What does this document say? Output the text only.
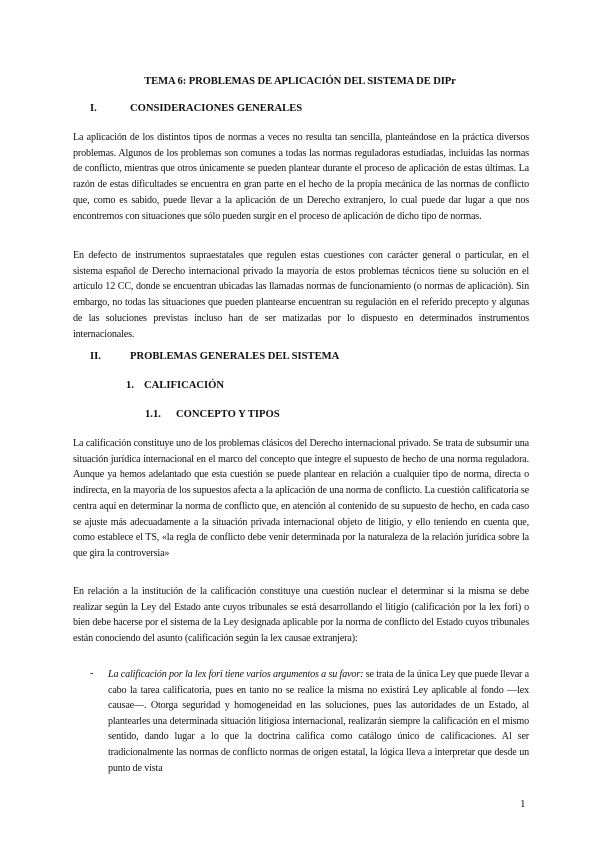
TEMA 6: PROBLEMAS DE APLICACIÓN DEL SISTEMA DE DIPr
I.	CONSIDERACIONES GENERALES
La aplicación de los distintos tipos de normas a veces no resulta tan sencilla, planteándose en la práctica diversos problemas. Algunos de los problemas son comunes a todas las normas reguladoras estudiadas, incluidas las normas de conflicto, mientras que otros únicamente se pueden plantear durante el proceso de aplicación de estas últimas. La razón de estas dificultades se encuentra en gran parte en el hecho de la propia mecánica de las normas de conflicto que, como es sabido, puede llevar a la aplicación de un Derecho extranjero, lo cual puede dar lugar a que nos encontremos con situaciones que sólo pueden surgir en el proceso de aplicación de dicho tipo de normas.
En defecto de instrumentos supraestatales que regulen estas cuestiones con carácter general o particular, en el sistema español de Derecho internacional privado la mayoría de estos problemas técnicos tiene su solución en el artículo 12 CC, donde se encuentran ubicadas las llamadas normas de funcionamiento (o normas de aplicación). Sin embargo, no todas las situaciones que pueden plantearse encuentran su regulación en el referido precepto y algunas de las soluciones previstas incluso han de ser matizadas por lo dispuesto en determinados instrumentos internacionales.
II.	PROBLEMAS GENERALES DEL SISTEMA
1. CALIFICACIÓN
1.1. CONCEPTO Y TIPOS
La calificación constituye uno de los problemas clásicos del Derecho internacional privado. Se trata de subsumir una situación jurídica internacional en el marco del concepto que integre el supuesto de hecho de una norma reguladora. Aunque ya hemos adelantado que esta cuestión se puede plantear en relación a cualquier tipo de norma, directa o indirecta, en la mayoría de los supuestos afecta a la aplicación de una norma de conflicto. La cuestión calificatoria se centra aquí en determinar la norma de conflicto que, en atención al contenido de su supuesto de hecho, en cada caso se ajuste más adecuadamente a la situación privada internacional objeto de litigio, y ello teniendo en cuenta que, como establece el TS, «la regla de conflicto debe venir determinada por la naturaleza de la relación jurídica sobre la que gira la controversia»
En relación a la institución de la calificación constituye una cuestión nuclear el determinar si la misma se debe realizar según la Ley del Estado ante cuyos tribunales se está desarrollando el litigio (calificación por la lex fori) o bien debe hacerse por el sistema de la Ley designada aplicable por la norma de conflicto del Estado cuyos tribunales están conociendo del asunto (calificación según la lex causae extranjera):
- La calificación por la lex fori tiene varios argumentos a su favor: se trata de la única Ley que puede llevar a cabo la tarea calificatoria, pues en tanto no se realice la misma no existirá Ley aplicable al fondo —lex causae—. Otorga seguridad y homogeneidad en las soluciones, pues las autoridades de un Estado, al plantearles una determinada situación litigiosa internacional, realizarán siempre la calificación en el mismo sentido, dando lugar a lo que la doctrina califica como catálogo único de calificaciones. Al ser tradicionalmente las normas de conflicto normas de origen estatal, la lógica lleva a interpretar que desde un punto de vista
1
